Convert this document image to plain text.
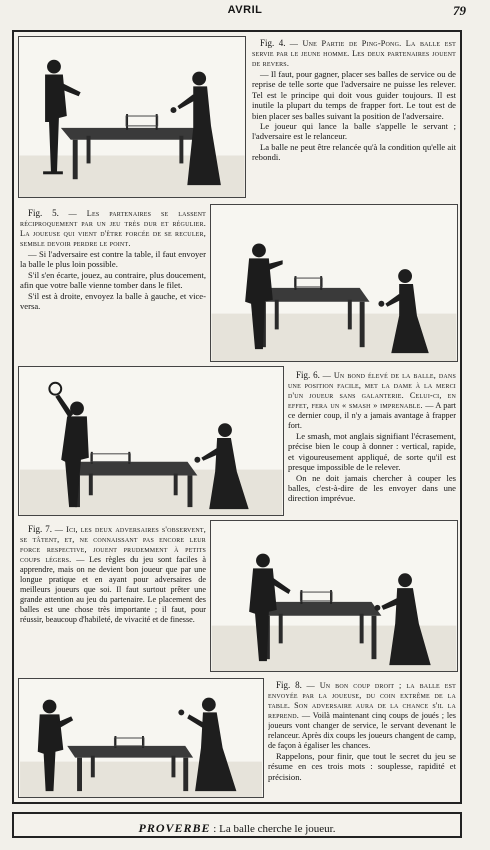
AVRIL	79

Fig. 4. — Une Partie de Ping-Pong. La balle est servie par le jeune homme. Les deux partenaires jouent de revers.

— Il faut, pour gagner, placer ses balles de service ou de reprise de telle sorte que l'adversaire ne puisse les relever. Tel est le principe qui doit vous guider toujours. Il est inutile la plupart du temps de frapper fort. Le tout est de bien placer ses balles suivant la position de l'adversaire.

Le joueur qui lance la balle s'appelle le servant ; l'adversaire est le relanceur.

La balle ne peut être relancée qu'à la condition qu'elle ait rebondi.

Fig. 5. — Les partenaires se lassent réciproquement par un jeu très dur et régulier. La joueuse qui vient d'être forcée de se reculer, semble devoir perdre le point.

— Si l'adversaire est contre la table, il faut envoyer la balle le plus loin possible.

S'il s'en écarte, jouez, au contraire, plus doucement, afin que votre balle vienne tomber dans le filet.

S'il est à droite, envoyez la balle à gauche, et vice-versa.

Fig. 6. — Un bond élevé de la balle, dans une position facile, met la dame à la merci d'un joueur sans galanterie. Celui-ci, en effet, fera un « smash » imprenable. — A part ce dernier coup, il n'y a jamais avantage à frapper fort.

Le smash, mot anglais signifiant l'écrasement, précise bien le coup à donner : vertical, rapide, et vigoureusement appliqué, de sorte qu'il est presque impossible de le relever.

On ne doit jamais chercher à couper les balles, c'est-à-dire de les envoyer dans une direction imprévue.

Fig. 7. — Ici, les deux adversaires s'observent, se tâtent, et, ne connaissant pas encore leur force respective, jouent prudemment à petits coups légers. — Les règles du jeu sont faciles à apprendre, mais on ne devient bon joueur que par une longue pratique et en ayant pour adversaires de meilleurs joueurs que soi. Il faut surtout prêter une grande attention au jeu du partenaire. Le placement des balles est une chose très importante ; il faut, pour réussir, beaucoup d'habileté, de vivacité et de finesse.

Fig. 8. — Un bon coup droit ; la balle est envoyée par la joueuse, du coin extrême de la table. Son adversaire aura de la chance s'il la reprend. — Voilà maintenant cinq coups de joués ; les joueurs vont changer de service, le servant devenant le relanceur. Après dix coups les joueurs changent de camp, de façon à égaliser les chances.

Rappelons, pour finir, que tout le secret du jeu se résume en ces trois mots : souplesse, rapidité et précision.

PROVERBE : La balle cherche le joueur.
